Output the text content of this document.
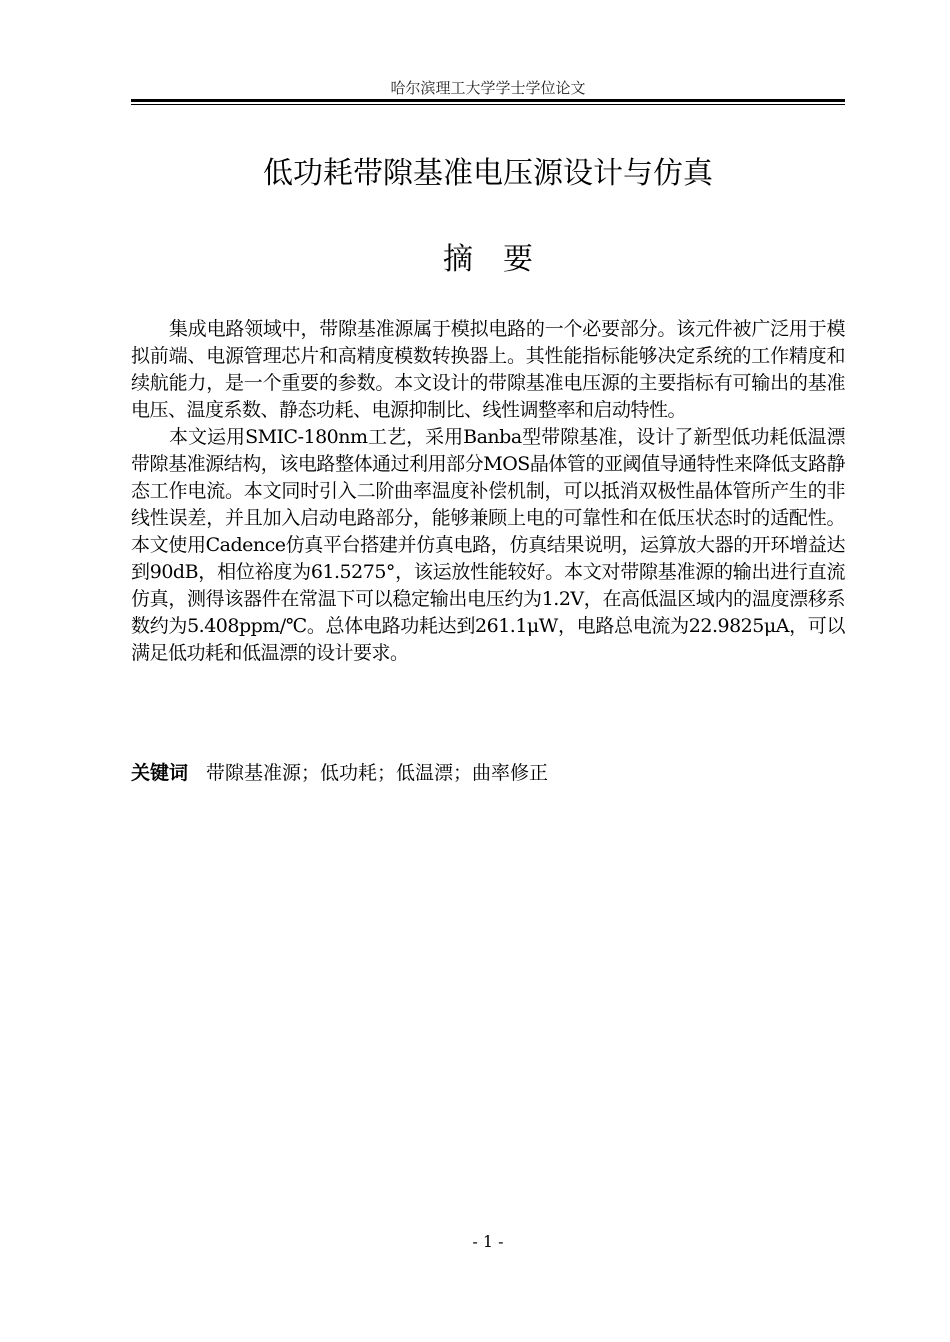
哈尔滨理工大学学士学位论文
低功耗带隙基准电压源设计与仿真
摘要

集成电路领域中，带隙基准源属于模拟电路的一个必要部分。该元件被广泛用于模拟前端、电源管理芯片和高精度模数转换器上。其性能指标能够决定系统的工作精度和续航能力，是一个重要的参数。本文设计的带隙基准电压源的主要指标有可输出的基准电压、温度系数、静态功耗、电源抑制比、线性调整率和启动特性。

本文运用SMIC-180nm工艺，采用Banba型带隙基准，设计了新型低功耗低温漂带隙基准源结构，该电路整体通过利用部分MOS晶体管的亚阈值导通特性来降低支路静态工作电流。本文同时引入二阶曲率温度补偿机制，可以抵消双极性晶体管所产生的非线性误差，并且加入启动电路部分，能够兼顾上电的可靠性和在低压状态时的适配性。本文使用Cadence仿真平台搭建并仿真电路，仿真结果说明，运算放大器的开环增益达到90dB，相位裕度为61.5275°，该运放性能较好。本文对带隙基准源的输出进行直流仿真，测得该器件在常温下可以稳定输出电压约为1.2V，在高低温区域内的温度漂移系数约为5.408ppm/℃。总体电路功耗达到261.1μW，电路总电流为22.9825μA，可以满足低功耗和低温漂的设计要求。

关键词 带隙基准源；低功耗；低温漂；曲率修正
- 1 -
